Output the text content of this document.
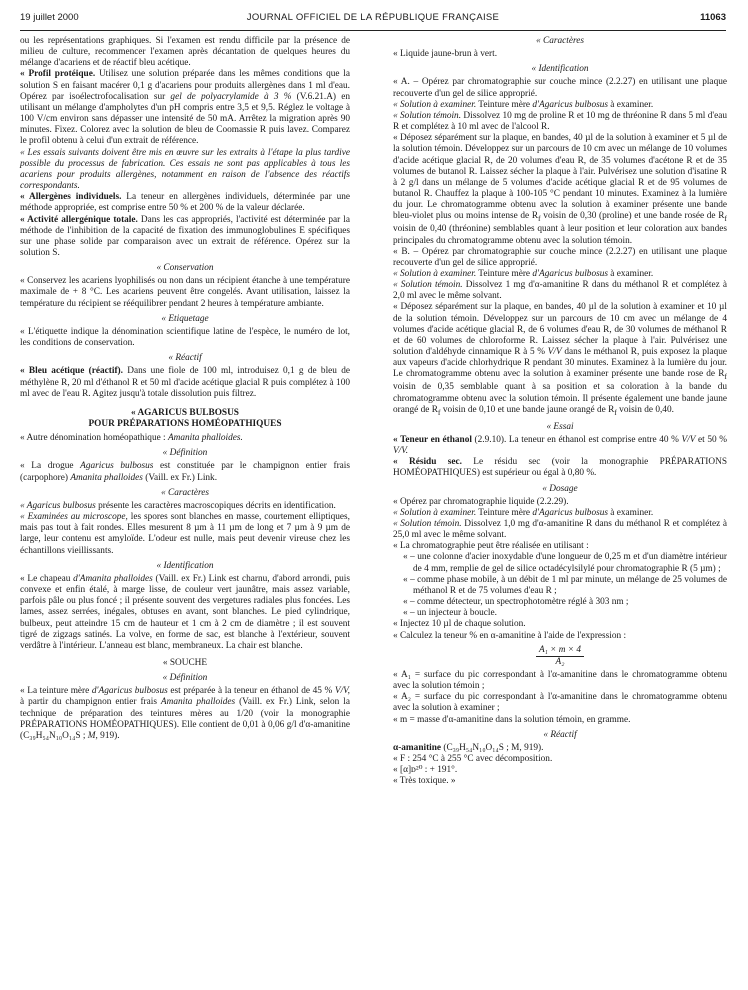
19 juillet 2000	JOURNAL OFFICIEL DE LA RÉPUBLIQUE FRANÇAISE	11063

ou les représentations graphiques. Si l'examen est rendu difficile par la présence de milieu de culture, recommencer l'examen après décantation de quelques heures du mélange d'acariens et de réactif bleu acétique.

« Profil protéique. Utilisez une solution préparée dans les mêmes conditions que la solution S en faisant macérer 0,1 g d'acariens pour produits allergènes dans 1 ml d'eau. Opérez par isoélectrofocalisation sur gel de polyacrylamide à 3 % (V.6.21.A) en utilisant un mélange d'ampholytes d'un pH compris entre 3,5 et 9,5. Réglez le voltage à 100 V/cm environ sans dépasser une intensité de 50 mA. Arrêtez la migration après 90 minutes. Fixez. Colorez avec la solution de bleu de Coomassie R puis lavez. Comparez le profil obtenu à celui d'un extrait de référence.

« Les essais suivants doivent être mis en œuvre sur les extraits à l'étape la plus tardive possible du processus de fabrication. Ces essais ne sont pas applicables à tous les acariens pour produits allergènes, notamment en raison de l'absence des réactifs correspondants.

« Allergènes individuels. La teneur en allergènes individuels, déterminée par une méthode appropriée, est comprise entre 50 % et 200 % de la valeur déclarée.

« Activité allergénique totale. Dans les cas appropriés, l'activité est déterminée par la méthode de l'inhibition de la capacité de fixation des immunoglobulines E spécifiques sur une phase solide par comparaison avec un extrait de référence. Opérez sur la solution S.

« Conservation

« Conservez les acariens lyophilisés ou non dans un récipient étanche à une température maximale de + 8 °C. Les acariens peuvent être congelés. Avant utilisation, laissez la température du récipient se rééquilibrer pendant 2 heures à température ambiante.

« Etiquetage

« L'étiquette indique la dénomination scientifique latine de l'espèce, le numéro de lot, les conditions de conservation.

« Réactif

« Bleu acétique (réactif). Dans une fiole de 100 ml, introduisez 0,1 g de bleu de méthylène R, 20 ml d'éthanol R et 50 ml d'acide acétique glacial R puis complétez à 100 ml avec de l'eau R. Agitez jusqu'à totale dissolution puis filtrez.

« AGARICUS BULBOSUS

POUR PRÉPARATIONS HOMÉOPATHIQUES

« Autre dénomination homéopathique : Amanita phalloides.

« Définition

« La drogue Agaricus bulbosus est constituée par le champignon entier frais (carpophore) Amanita phalloides (Vaill. ex Fr.) Link.

« Caractères

« Agaricus bulbosus présente les caractères macroscopiques décrits en identification.

« Examinées au microscope, les spores sont blanches en masse, courtement elliptiques, mais pas tout à fait rondes. Elles mesurent 8 µm à 11 µm de long et 7 µm à 9 µm de large, leur contenu est amyloïde. L'odeur est nulle, mais peut devenir vireuse chez les échantillons vieillissants.

« Identification

« Le chapeau d'Amanita phalloides (Vaill. ex Fr.) Link est charnu, d'abord arrondi, puis convexe et enfin étalé, à marge lisse, de couleur vert jaunâtre, mais assez variable, parfois pâle ou plus foncé ; il présente souvent des vergetures radiales plus foncées. Les lames, assez serrées, inégales, obtuses en avant, sont blanches. Le pied cylindrique, bulbeux, peut atteindre 15 cm de hauteur et 1 cm à 2 cm de diamètre ; il est souvent tigré de zigzags satinés. La volve, en forme de sac, est blanche à l'extérieur, souvent verdâtre à l'intérieur. L'anneau est blanc, membraneux. La chair est blanche.

« SOUCHE

« Définition

« La teinture mère d'Agaricus bulbosus est préparée à la teneur en éthanol de 45 % V/V, à partir du champignon entier frais Amanita phalloides (Vaill. ex Fr.) Link, selon la technique de préparation des teintures mères au 1/20 (voir la monographie PRÉPARATIONS HOMÉOPATHIQUES). Elle contient de 0,01 à 0,06 g/l d'α-amanitine (C₃₉H₅₄N₁₀O₁₄S ; M, 919).

« Caractères

« Liquide jaune-brun à vert.

« Identification

« A. – Opérez par chromatographie sur couche mince (2.2.27) en utilisant une plaque recouverte d'un gel de silice approprié.

« Solution à examiner. Teinture mère d'Agaricus bulbosus à examiner.

« Solution témoin. Dissolvez 10 mg de proline R et 10 mg de thréonine R dans 5 ml d'eau R et complétez à 10 ml avec de l'alcool R.

« Déposez séparément sur la plaque, en bandes, 40 µl de la solution à examiner et 5 µl de la solution témoin. Développez sur un parcours de 10 cm avec un mélange de 10 volumes d'acide acétique glacial R, de 20 volumes d'eau R, de 35 volumes d'acétone R et de 35 volumes de butanol R. Laissez sécher la plaque à l'air. Pulvérisez une solution d'isatine R à 2 g/l dans un mélange de 5 volumes d'acide acétique glacial R et de 95 volumes de butanol R. Chauffez la plaque à 100-105 °C pendant 10 minutes. Examinez à la lumière du jour. Le chromatogramme obtenu avec la solution à examiner présente une bande bleu-violet plus ou moins intense de $R_f$ voisin de 0,30 (proline) et une bande rosée de $R_f$ voisin de 0,40 (thréonine) semblables quant à leur position et leur coloration aux bandes principales du chromatogramme obtenu avec la solution témoin.

« B. – Opérez par chromatographie sur couche mince (2.2.27) en utilisant une plaque recouverte d'un gel de silice approprié.

« Solution à examiner. Teinture mère d'Agaricus bulbosus à examiner.

« Solution témoin. Dissolvez 1 mg d'α-amanitine R dans du méthanol R et complétez à 2,0 ml avec le même solvant.

« Déposez séparément sur la plaque, en bandes, 40 µl de la solution à examiner et 10 µl de la solution témoin. Développez sur un parcours de 10 cm avec un mélange de 4 volumes d'acide acétique glacial R, de 6 volumes d'eau R, de 30 volumes de méthanol R et de 60 volumes de chloroforme R. Laissez sécher la plaque à l'air. Pulvérisez une solution d'aldéhyde cinnamique R à 5 % V/V dans le méthanol R, puis exposez la plaque aux vapeurs d'acide chlorhydrique R pendant 30 minutes. Examinez à la lumière du jour. Le chromatogramme obtenu avec la solution à examiner présente une bande rose de $R_f$ voisin de 0,35 semblable quant à sa position et sa coloration à la bande du chromatogramme obtenu avec la solution témoin. Il présente également une bande jaune orangé de $R_f$ voisin de 0,10 et une bande jaune orangé de $R_f$ voisin de 0,40.

« Essai

« Teneur en éthanol (2.9.10). La teneur en éthanol est comprise entre 40 % V/V et 50 % V/V.

« Résidu sec. Le résidu sec (voir la monographie PRÉPARATIONS HOMÉOPATHIQUES) est supérieur ou égal à 0,80 %.

« Dosage

« Opérez par chromatographie liquide (2.2.29).

« Solution à examiner. Teinture mère d'Agaricus bulbosus à examiner.

« Solution témoin. Dissolvez 1,0 mg d'α-amanitine R dans du méthanol R et complétez à 25,0 ml avec le même solvant.

« La chromatographie peut être réalisée en utilisant :

« – une colonne d'acier inoxydable d'une longueur de 0,25 m et d'un diamètre intérieur de 4 mm, remplie de gel de silice octadécylsilylé pour chromatographie R (5 µm) ;

« – comme phase mobile, à un débit de 1 ml par minute, un mélange de 25 volumes de méthanol R et de 75 volumes d'eau R ;

« – comme détecteur, un spectrophotomètre réglé à 303 nm ;

« – un injecteur à boucle.

« Injectez 10 µl de chaque solution.

« Calculez la teneur % en α-amanitine à l'aide de l'expression :

$\frac{\text{A₁ × m × 4}}{\text{A₂}}$

« A₁ = surface du pic correspondant à l'α-amanitine dans le chromatogramme obtenu avec la solution témoin ;

« A₂ = surface du pic correspondant à l'α-amanitine dans le chromatogramme obtenu avec la solution à examiner ;

« m = masse d'α-amanitine dans la solution témoin, en gramme.

« Réactif

α-amanitine (C₃₉H₅₄N₁₀O₁₄S ; M, 919).

« F : 254 °C à 255 °C avec décomposition.

« [α]ᴅ²⁰ : + 191°.

« Très toxique. »
